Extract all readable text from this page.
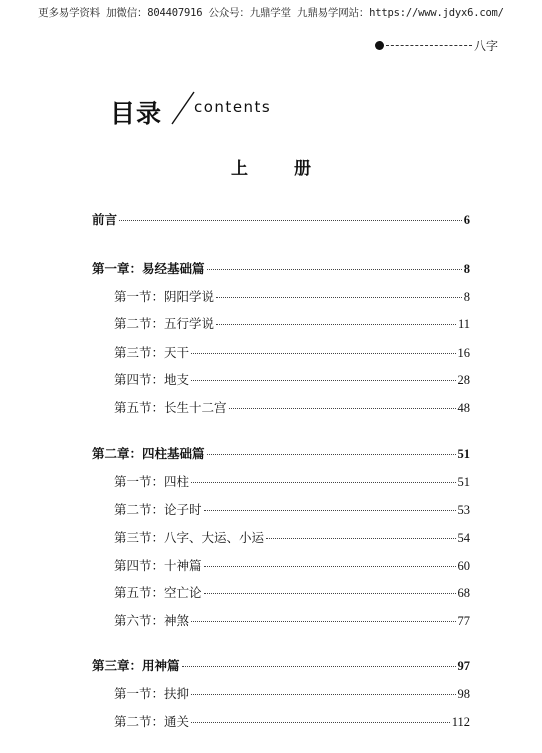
更多易学资料 加微信：804407916 公众号：九鼎学堂 九鼎易学网站：https://www.jdyx6.com/
八字
目录 contents
上 册
前言	6
第一章：易经基础篇	8
第一节：阴阳学说	8
第二节：五行学说	11
第三节：天干	16
第四节：地支	28
第五节：长生十二宫	48
第二章：四柱基础篇	51
第一节：四柱	51
第二节：论子时	53
第三节：八字、大运、小运	54
第四节：十神篇	60
第五节：空亡论	68
第六节：神煞	77
第三章：用神篇	97
第一节：扶抑	98
第二节：通关	112
